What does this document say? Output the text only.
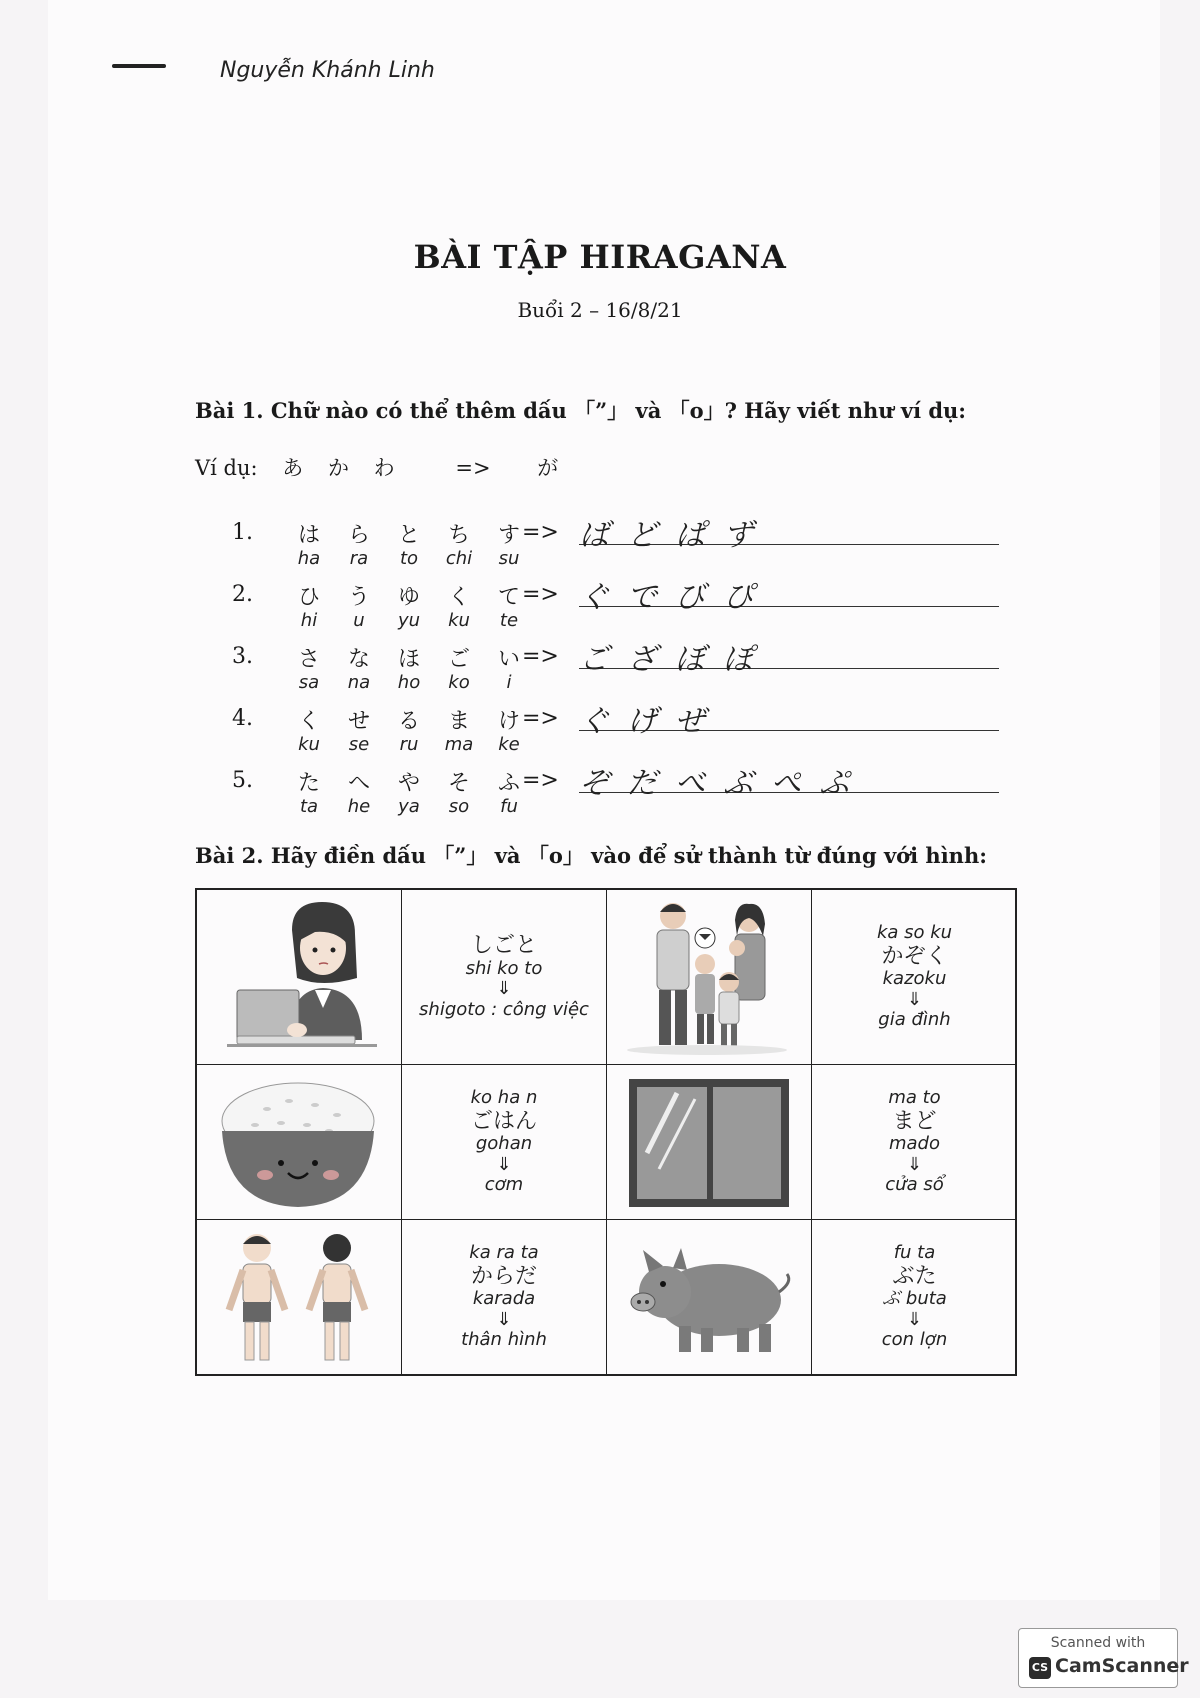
Nguyễn Khánh Linh
BÀI TẬP HIRAGANA
Buổi 2 – 16/8/21
Bài 1. Chữ nào có thể thêm dấu 「”」 và 「o」? Hãy viết như ví dụ:
Ví dụ: あ か わ	=> が
1.	は	ら	と	ち	す
ha	ra	to	chi	su
=> ばどぱず
2.	ひ	う	ゆ	く	て
hi	u	yu	ku	te
=> ぐでびぴ
3.	さ	な	ほ	ご	い
sa	na	ho	ko	i
=> ござぼぽ
4.	く	せ	る	ま	け
ku	se	ru	ma	ke
=> ぐげぜ
5.	た	へ	や	そ	ふ
ta	he	ya	so	fu
=> ぞだべぶぺぷ
Bài 2. Hãy điền dấu 「”」 và 「o」 vào để sử thành từ đúng với hình:
しごと
shi ko to
⇓
shigoto : công việc
ka so ku
かぞく
kazoku
⇓
gia đình
ko ha n
ごはん
gohan
⇓
cơm
ma to
まど
mado
⇓
cửa sổ
ka ra ta
からだ
karada
⇓
thân hình
fu ta
ぶた
ぶ buta
⇓
con lợn
Scanned with
CS CamScanner
